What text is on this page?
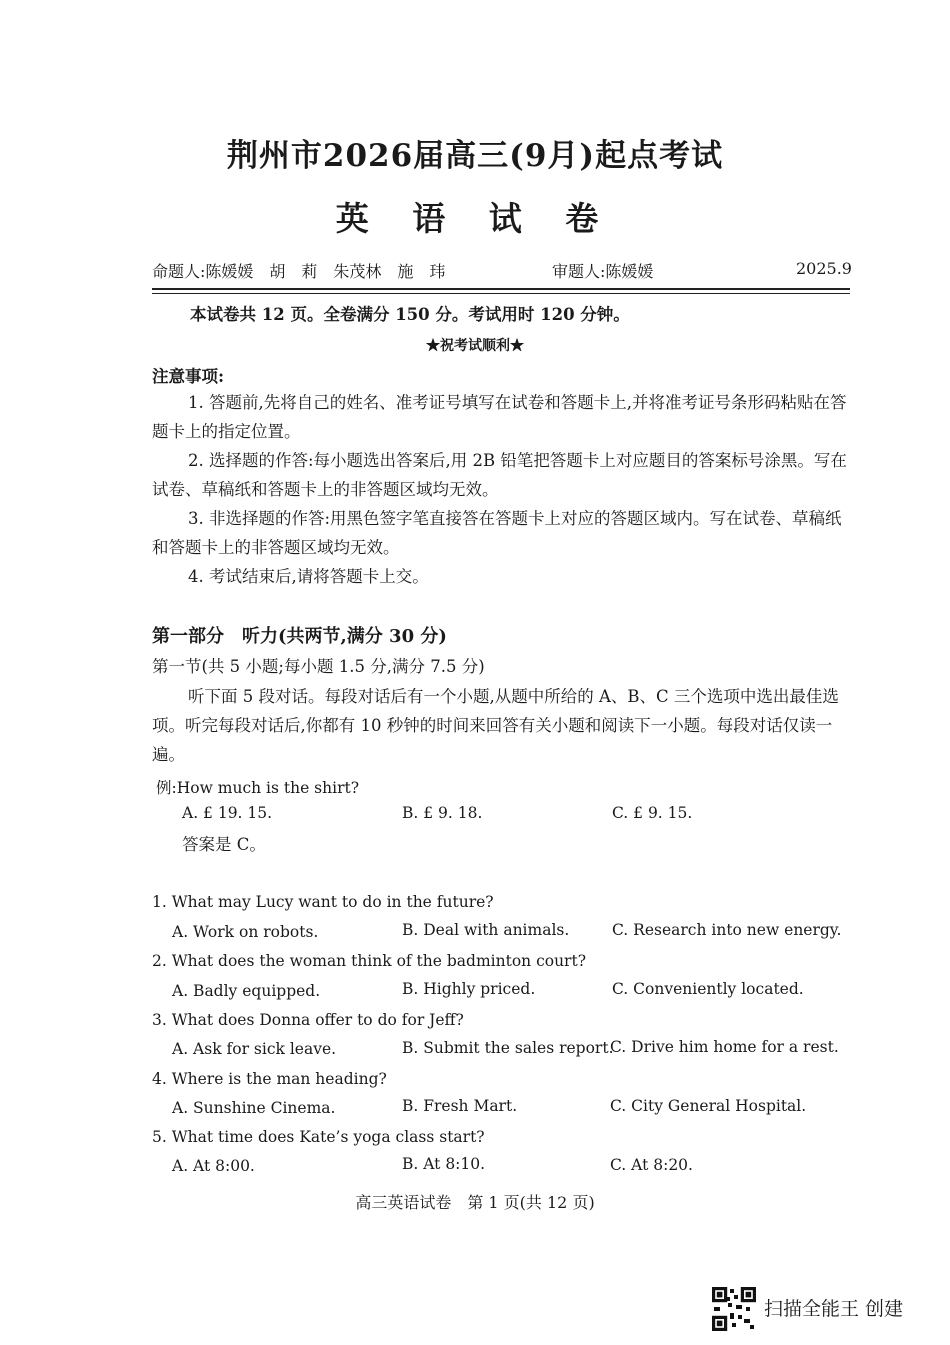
荆州市2026届高三(9月)起点考试
英 语 试 卷
命题人:陈媛媛　胡　莉　朱茂林　施　玮	审题人:陈媛媛	2025.9
本试卷共 12 页。全卷满分 150 分。考试用时 120 分钟。
★祝考试顺利★
注意事项:
1. 答题前,先将自己的姓名、准考证号填写在试卷和答题卡上,并将准考证号条形码粘贴在答题卡上的指定位置。
2. 选择题的作答:每小题选出答案后,用 2B 铅笔把答题卡上对应题目的答案标号涂黑。写在试卷、草稿纸和答题卡上的非答题区域均无效。
3. 非选择题的作答:用黑色签字笔直接答在答题卡上对应的答题区域内。写在试卷、草稿纸和答题卡上的非答题区域均无效。
4. 考试结束后,请将答题卡上交。
第一部分　听力(共两节,满分 30 分)
第一节(共 5 小题;每小题 1.5 分,满分 7.5 分)
听下面 5 段对话。每段对话后有一个小题,从题中所给的 A、B、C 三个选项中选出最佳选项。听完每段对话后,你都有 10 秒钟的时间来回答有关小题和阅读下一小题。每段对话仅读一遍。
例:How much is the shirt?
A. £ 19. 15.	B. £ 9. 18.	C. £ 9. 15.
答案是 C。
1. What may Lucy want to do in the future?
A. Work on robots.	B. Deal with animals.	C. Research into new energy.
2. What does the woman think of the badminton court?
A. Badly equipped.	B. Highly priced.	C. Conveniently located.
3. What does Donna offer to do for Jeff?
A. Ask for sick leave.	B. Submit the sales report.
C. Drive him home for a rest.
4. Where is the man heading?
A. Sunshine Cinema.	B. Fresh Mart.	C. City General Hospital.
5. What time does Kate’s yoga class start?
A. At 8:00.	B. At 8:10.	C. At 8:20.
高三英语试卷　第 1 页(共 12 页)
扫描全能王 创建
